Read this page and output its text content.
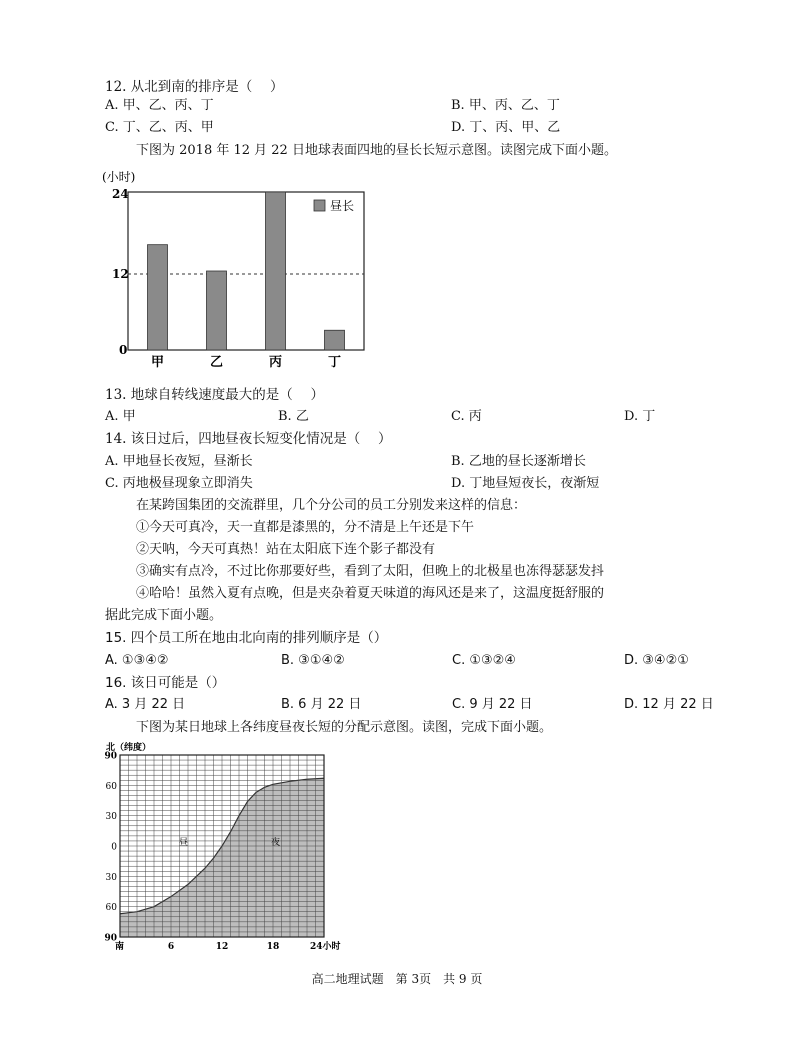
12. 从北到南的排序是（　 ）
A. 甲、乙、丙、丁	B. 甲、丙、乙、丁
C. 丁、乙、丙、甲	D. 丁、丙、甲、乙
下图为 2018 年 12 月 22 日地球表面四地的昼长长短示意图。读图完成下面小题。
(小时)
24
12
0
昼长
甲	乙	丙	丁
13. 地球自转线速度最大的是（　 ）
A. 甲	B. 乙	C. 丙	D. 丁
14. 该日过后，四地昼夜长短变化情况是（　 ）
A. 甲地昼长夜短，昼渐长	B. 乙地的昼长逐渐增长
C. 丙地极昼现象立即消失	D. 丁地昼短夜长，夜渐短
在某跨国集团的交流群里，几个分公司的员工分别发来这样的信息：
①今天可真冷，天一直都是漆黑的，分不清是上午还是下午
②天呐，今天可真热！站在太阳底下连个影子都没有
③确实有点冷，不过比你那要好些，看到了太阳，但晚上的北极星也冻得瑟瑟发抖
④哈哈！虽然入夏有点晚，但是夹杂着夏天味道的海风还是来了，这温度挺舒服的
据此完成下面小题。
15. 四个员工所在地由北向南的排列顺序是（）
A. ①③④②	B. ③①④②	C. ①③②④	D. ③④②①
16. 该日可能是（）
A. 3 月 22 日	B. 6 月 22 日	C. 9 月 22 日	D. 12 月 22 日
下图为某日地球上各纬度昼夜长短的分配示意图。读图，完成下面小题。
北（纬度）
90
60
30
0
30
60
90
昼	夜
南	6	12	18	24小时
高二地理试题　第 3页　共 9 页
